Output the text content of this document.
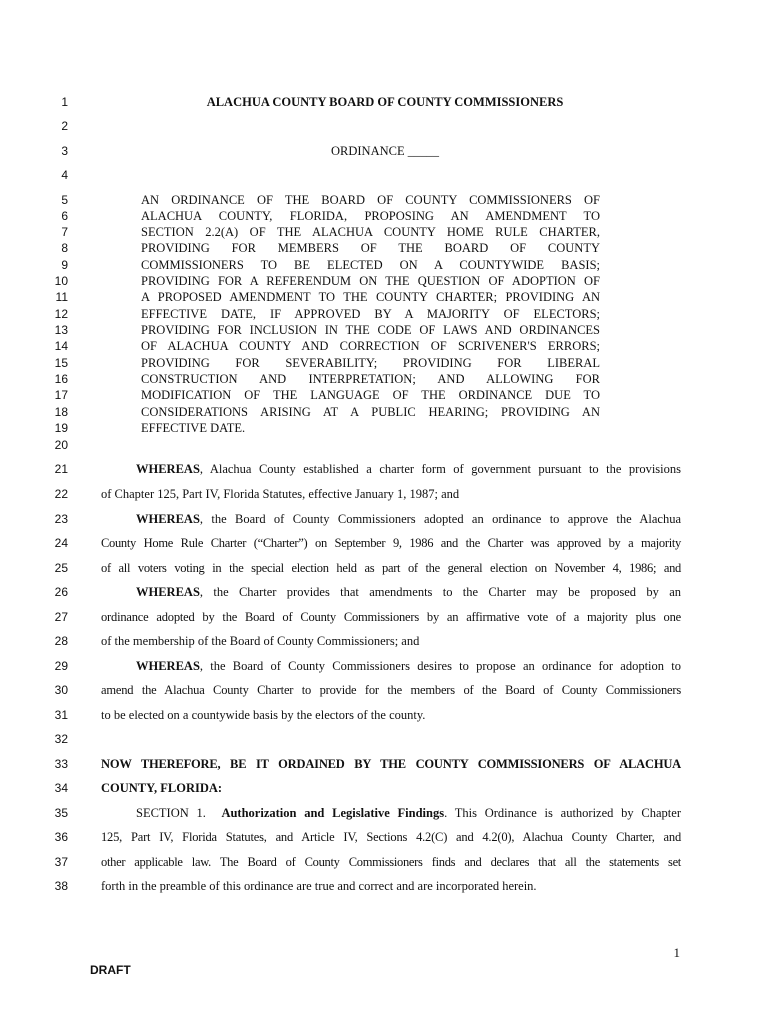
1
2
3
4
5
6
7
8
9
10
11
12
13
14
15
16
17
18
19
20
21
22
23
24
25
26
27
28
29
30
31
32
33
34
35
36
37
38
ALACHUA COUNTY BOARD OF COUNTY COMMISSIONERS
ORDINANCE _____
AN ORDINANCE OF THE BOARD OF COUNTY COMMISSIONERS OF
ALACHUA COUNTY, FLORIDA, PROPOSING AN AMENDMENT TO
SECTION 2.2(A) OF THE ALACHUA COUNTY HOME RULE CHARTER,
PROVIDING FOR MEMBERS OF THE BOARD OF COUNTY
COMMISSIONERS TO BE ELECTED ON A COUNTYWIDE BASIS;
PROVIDING FOR A REFERENDUM ON THE QUESTION OF ADOPTION OF
A PROPOSED AMENDMENT TO THE COUNTY CHARTER; PROVIDING AN
EFFECTIVE DATE, IF APPROVED BY A MAJORITY OF ELECTORS;
PROVIDING FOR INCLUSION IN THE CODE OF LAWS AND ORDINANCES
OF ALACHUA COUNTY AND CORRECTION OF SCRIVENER'S ERRORS;
PROVIDING FOR SEVERABILITY; PROVIDING FOR LIBERAL
CONSTRUCTION AND INTERPRETATION; AND ALLOWING FOR
MODIFICATION OF THE LANGUAGE OF THE ORDINANCE DUE TO
CONSIDERATIONS ARISING AT A PUBLIC HEARING; PROVIDING AN
EFFECTIVE DATE.
WHEREAS, Alachua County established a charter form of government pursuant to the provisions
of Chapter 125, Part IV, Florida Statutes, effective January 1, 1987; and
WHEREAS, the Board of County Commissioners adopted an ordinance to approve the Alachua
County Home Rule Charter (“Charter”) on September 9, 1986 and the Charter was approved by a majority
of all voters voting in the special election held as part of the general election on November 4, 1986; and
WHEREAS, the Charter provides that amendments to the Charter may be proposed by an
ordinance adopted by the Board of County Commissioners by an affirmative vote of a majority plus one
of the membership of the Board of County Commissioners; and
WHEREAS, the Board of County Commissioners desires to propose an ordinance for adoption to
amend the Alachua County Charter to provide for the members of the Board of County Commissioners
to be elected on a countywide basis by the electors of the county.
NOW THEREFORE, BE IT ORDAINED BY THE COUNTY COMMISSIONERS OF ALACHUA
COUNTY, FLORIDA:
SECTION 1. Authorization and Legislative Findings. This Ordinance is authorized by Chapter
125, Part IV, Florida Statutes, and Article IV, Sections 4.2(C) and 4.2(0), Alachua County Charter, and
other applicable law. The Board of County Commissioners finds and declares that all the statements set
forth in the preamble of this ordinance are true and correct and are incorporated herein.
1
DRAFT
